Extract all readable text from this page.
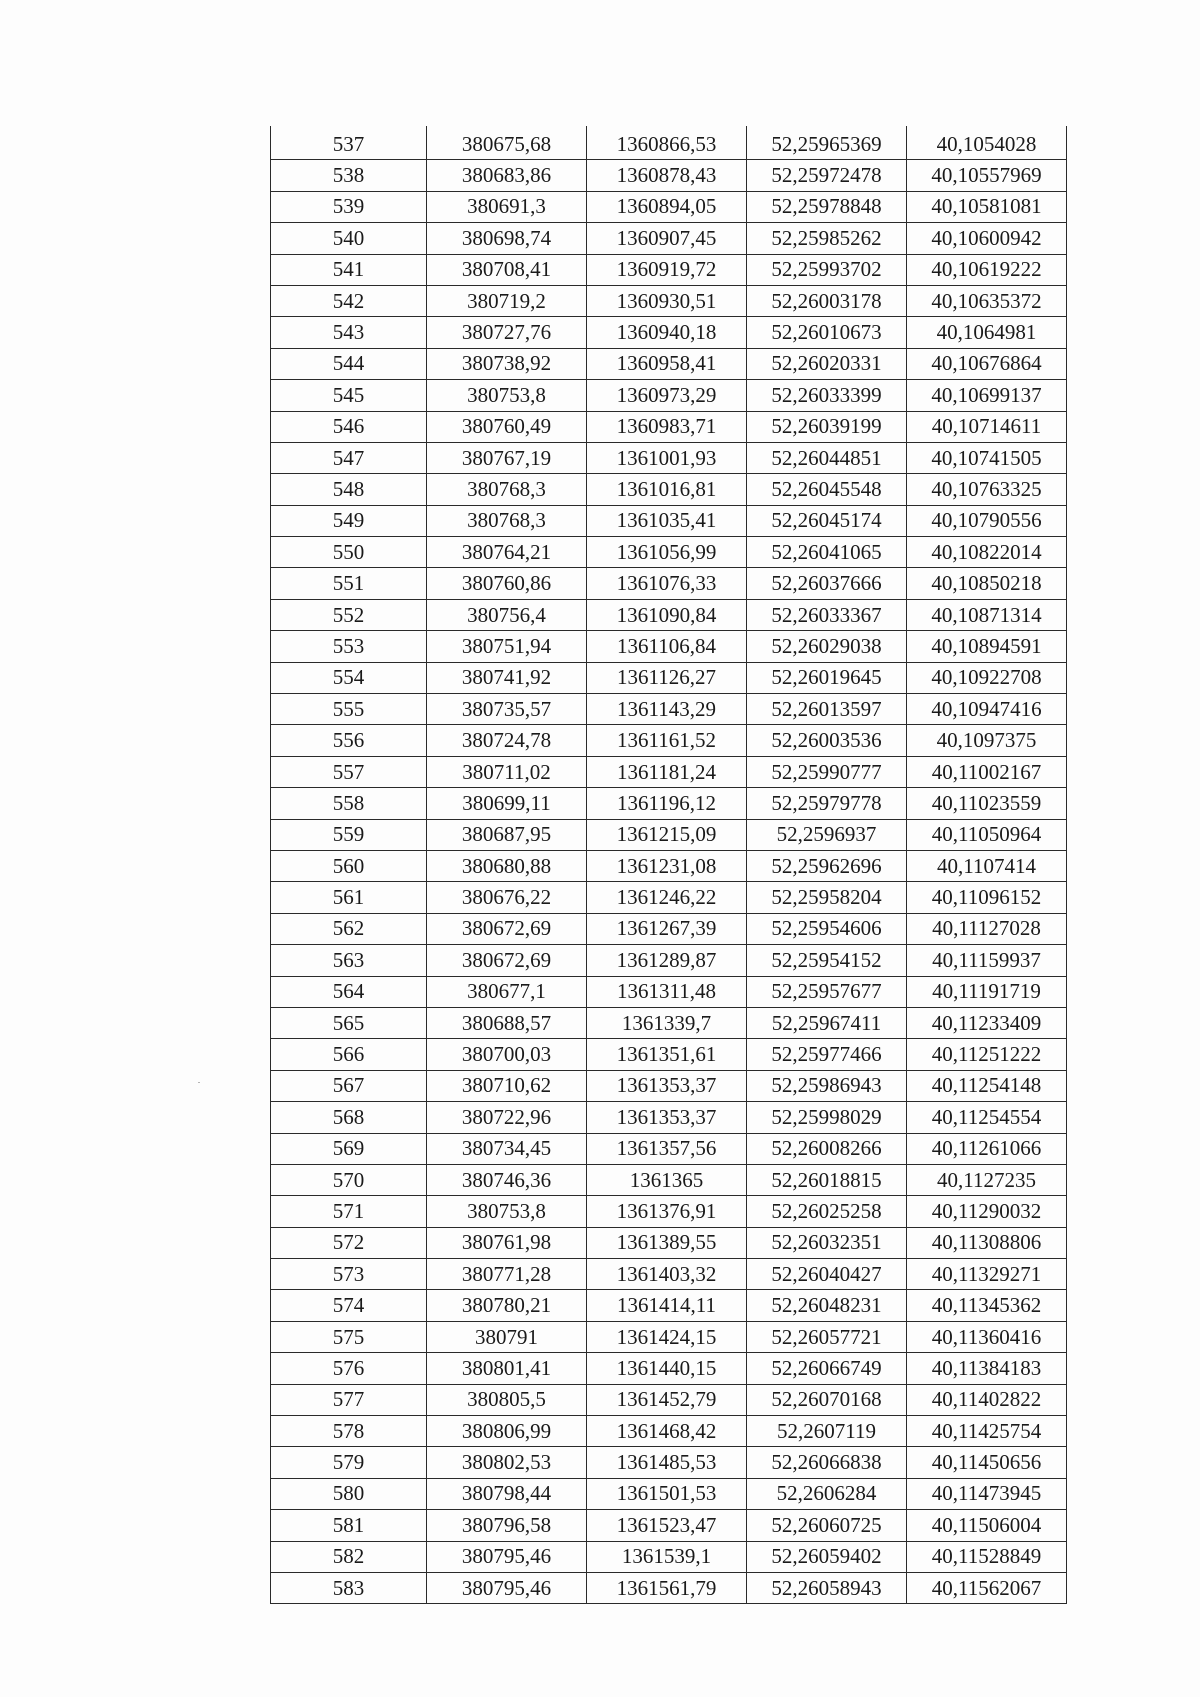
537	380675,68	1360866,53	52,25965369	40,1054028
538	380683,86	1360878,43	52,25972478	40,10557969
539	380691,3	1360894,05	52,25978848	40,10581081
540	380698,74	1360907,45	52,25985262	40,10600942
541	380708,41	1360919,72	52,25993702	40,10619222
542	380719,2	1360930,51	52,26003178	40,10635372
543	380727,76	1360940,18	52,26010673	40,1064981
544	380738,92	1360958,41	52,26020331	40,10676864
545	380753,8	1360973,29	52,26033399	40,10699137
546	380760,49	1360983,71	52,26039199	40,10714611
547	380767,19	1361001,93	52,26044851	40,10741505
548	380768,3	1361016,81	52,26045548	40,10763325
549	380768,3	1361035,41	52,26045174	40,10790556
550	380764,21	1361056,99	52,26041065	40,10822014
551	380760,86	1361076,33	52,26037666	40,10850218
552	380756,4	1361090,84	52,26033367	40,10871314
553	380751,94	1361106,84	52,26029038	40,10894591
554	380741,92	1361126,27	52,26019645	40,10922708
555	380735,57	1361143,29	52,26013597	40,10947416
556	380724,78	1361161,52	52,26003536	40,1097375
557	380711,02	1361181,24	52,25990777	40,11002167
558	380699,11	1361196,12	52,25979778	40,11023559
559	380687,95	1361215,09	52,2596937	40,11050964
560	380680,88	1361231,08	52,25962696	40,1107414
561	380676,22	1361246,22	52,25958204	40,11096152
562	380672,69	1361267,39	52,25954606	40,11127028
563	380672,69	1361289,87	52,25954152	40,11159937
564	380677,1	1361311,48	52,25957677	40,11191719
565	380688,57	1361339,7	52,25967411	40,11233409
566	380700,03	1361351,61	52,25977466	40,11251222
567	380710,62	1361353,37	52,25986943	40,11254148
568	380722,96	1361353,37	52,25998029	40,11254554
569	380734,45	1361357,56	52,26008266	40,11261066
570	380746,36	1361365	52,26018815	40,1127235
571	380753,8	1361376,91	52,26025258	40,11290032
572	380761,98	1361389,55	52,26032351	40,11308806
573	380771,28	1361403,32	52,26040427	40,11329271
574	380780,21	1361414,11	52,26048231	40,11345362
575	380791	1361424,15	52,26057721	40,11360416
576	380801,41	1361440,15	52,26066749	40,11384183
577	380805,5	1361452,79	52,26070168	40,11402822
578	380806,99	1361468,42	52,2607119	40,11425754
579	380802,53	1361485,53	52,26066838	40,11450656
580	380798,44	1361501,53	52,2606284	40,11473945
581	380796,58	1361523,47	52,26060725	40,11506004
582	380795,46	1361539,1	52,26059402	40,11528849
583	380795,46	1361561,79	52,26058943	40,11562067
